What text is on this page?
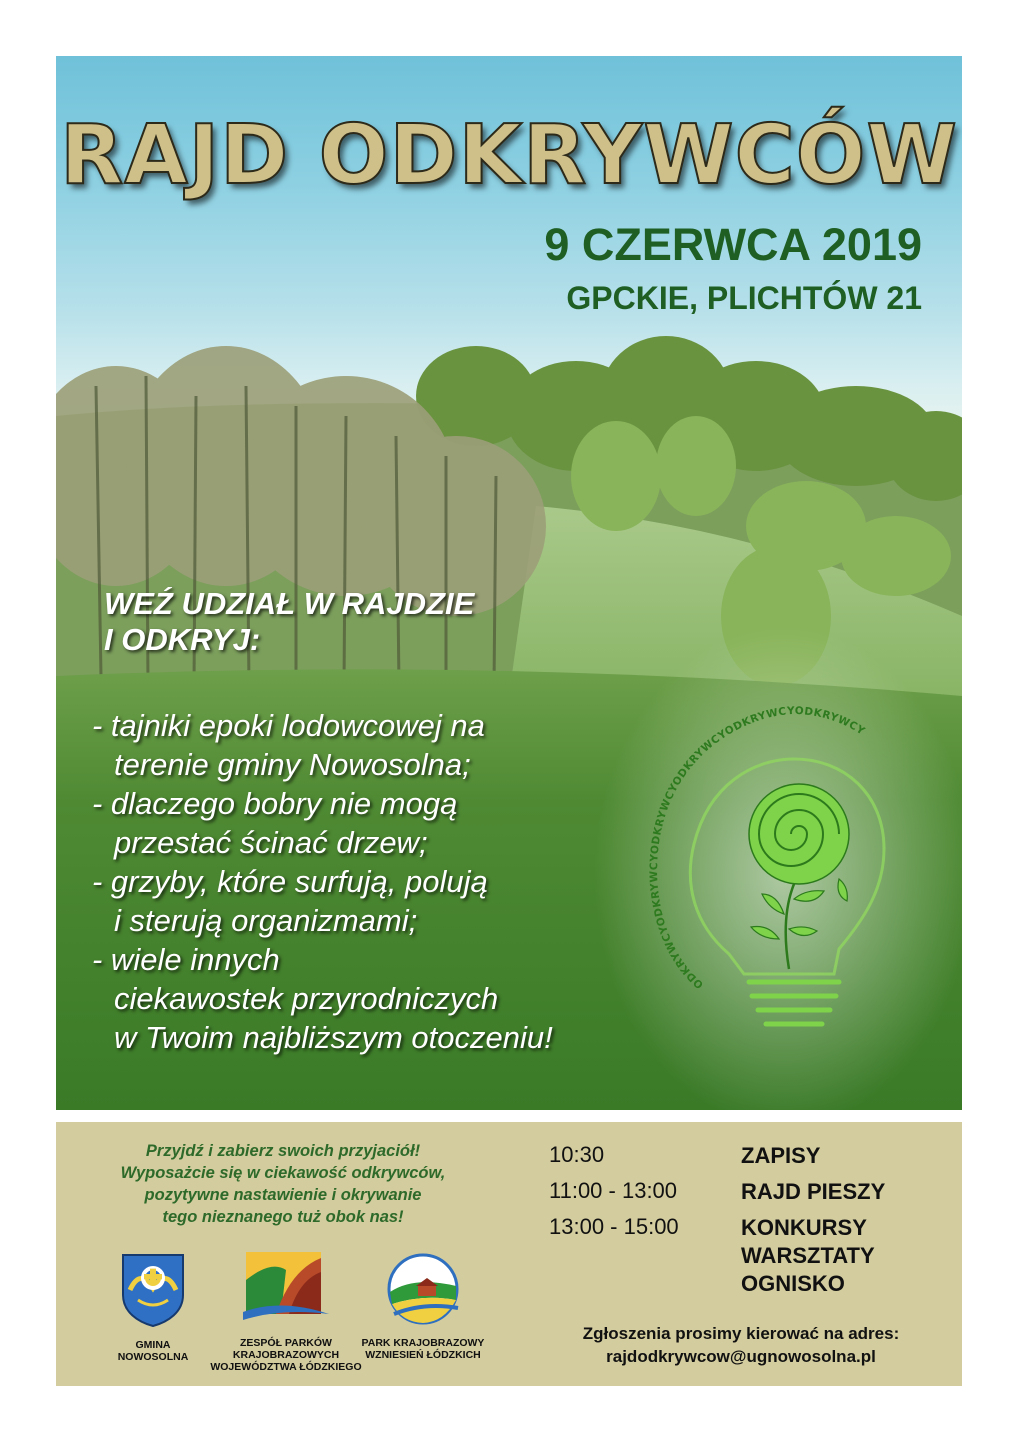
RAJD ODKRYWCÓW
9 CZERWCA 2019
GPCKIE, PLICHTÓW 21
WEŹ UDZIAŁ W RAJDZIE
I ODKRYJ:
- tajniki epoki lodowcowej na
terenie gminy Nowosolna;
- dlaczego bobry nie mogą
przestać ścinać drzew;
- grzyby, które surfują, polują
i sterują organizmami;
- wiele innych
ciekawostek przyrodniczych
w Twoim najbliższym otoczeniu!
ODKRYWCYODKRYWCYODKRYWCYODKRYWCYODKRYWCYODKRYWCY
Przyjdź i zabierz swoich przyjaciół!
Wyposażcie się w ciekawość odkrywców,
pozytywne nastawienie i okrywanie
tego nieznanego tuż obok nas!
10:30	ZAPISY
11:00 - 13:00	RAJD PIESZY
13:00 - 15:00	KONKURSY
WARSZTATY
OGNISKO
GMINA
NOWOSOLNA
ZESPÓŁ PARKÓW
KRAJOBRAZOWYCH
WOJEWÓDZTWA ŁÓDZKIEGO
PARK KRAJOBRAZOWY
WZNIESIEŃ ŁÓDZKICH
Zgłoszenia prosimy kierować na adres:
rajdodkrywcow@ugnowosolna.pl
